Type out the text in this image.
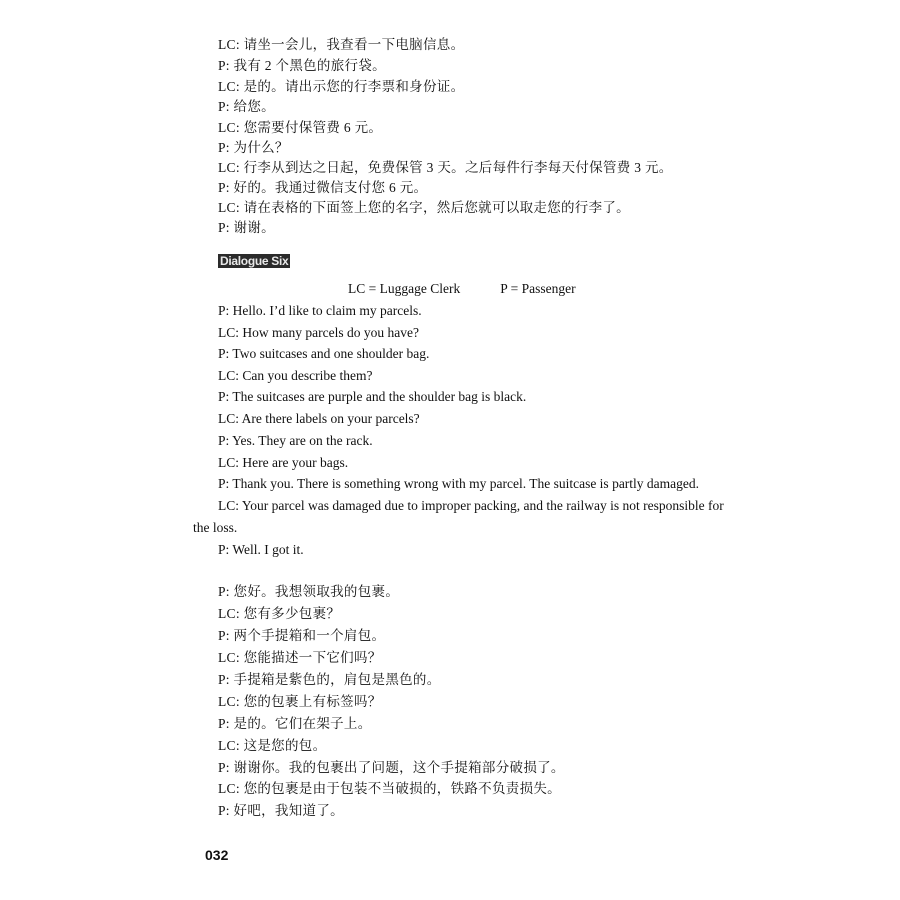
LC: 请坐一会儿，我查看一下电脑信息。
P: 我有 2 个黑色的旅行袋。
LC: 是的。请出示您的行李票和身份证。
P: 给您。
LC: 您需要付保管费 6 元。
P: 为什么？
LC: 行李从到达之日起，免费保管 3 天。之后每件行李每天付保管费 3 元。
P: 好的。我通过微信支付您 6 元。
LC: 请在表格的下面签上您的名字，然后您就可以取走您的行李了。
P: 谢谢。
Dialogue Six
LC = Luggage Clerk	P = Passenger
P: Hello. I’d like to claim my parcels.
LC: How many parcels do you have?
P: Two suitcases and one shoulder bag.
LC: Can you describe them?
P: The suitcases are purple and the shoulder bag is black.
LC: Are there labels on your parcels?
P: Yes. They are on the rack.
LC: Here are your bags.
P: Thank you. There is something wrong with my parcel. The suitcase is partly damaged.
LC: Your parcel was damaged due to improper packing, and the railway is not responsible for
the loss.
P: Well. I got it.
P: 您好。我想领取我的包裹。
LC: 您有多少包裹？
P: 两个手提箱和一个肩包。
LC: 您能描述一下它们吗？
P: 手提箱是紫色的，肩包是黑色的。
LC: 您的包裹上有标签吗？
P: 是的。它们在架子上。
LC: 这是您的包。
P: 谢谢你。我的包裹出了问题，这个手提箱部分破损了。
LC: 您的包裹是由于包装不当破损的，铁路不负责损失。
P: 好吧，我知道了。
032
